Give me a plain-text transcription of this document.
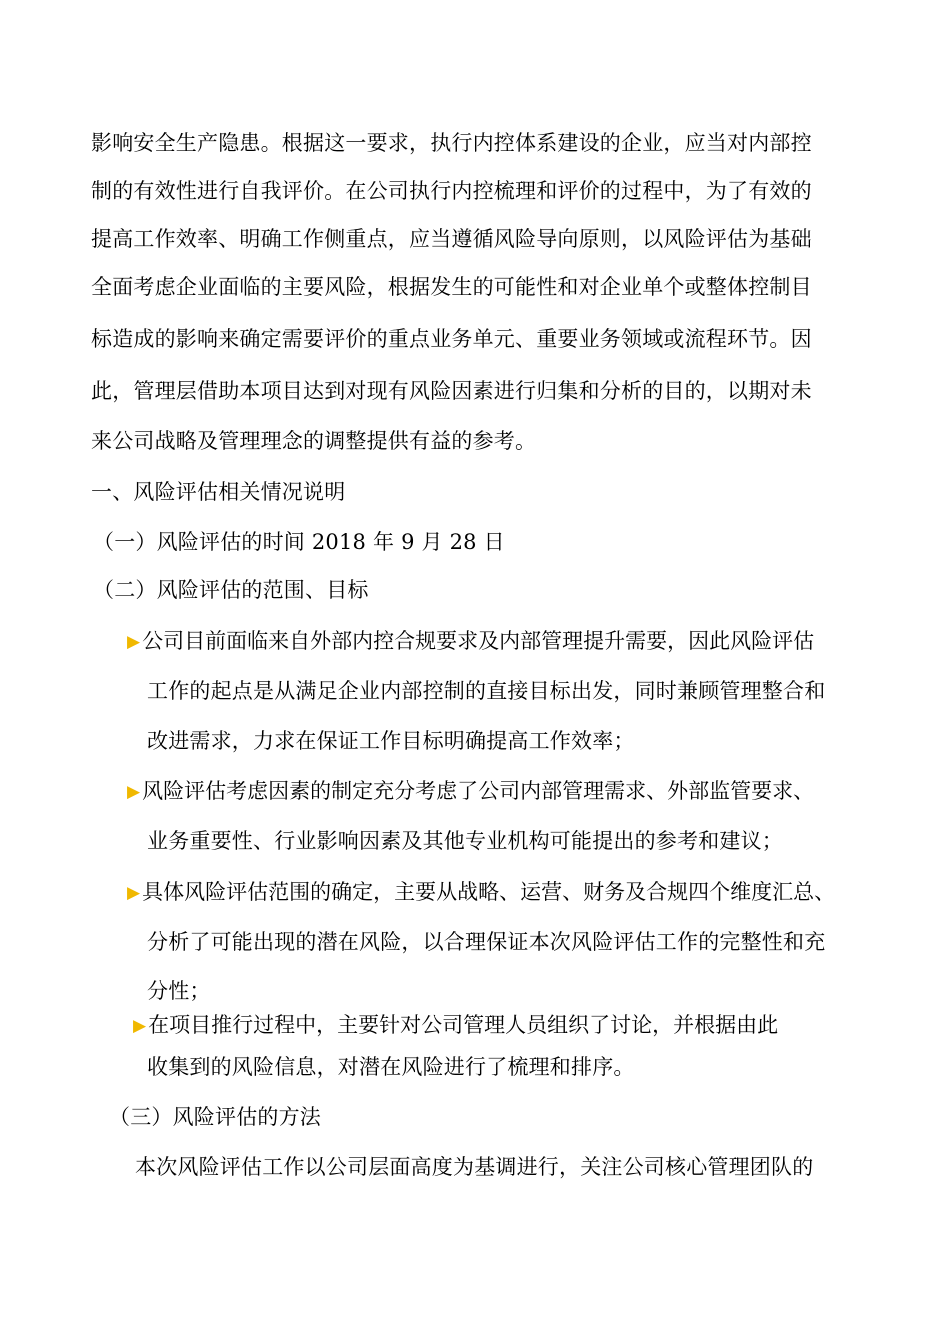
影响安全生产隐患。根据这一要求，执行内控体系建设的企业，应当对内部控
制的有效性进行自我评价。在公司执行内控梳理和评价的过程中，为了有效的
提高工作效率、明确工作侧重点，应当遵循风险导向原则，以风险评估为基础
全面考虑企业面临的主要风险，根据发生的可能性和对企业单个或整体控制目
标造成的影响来确定需要评价的重点业务单元、重要业务领域或流程环节。因
此，管理层借助本项目达到对现有风险因素进行归集和分析的目的，以期对未
来公司战略及管理理念的调整提供有益的参考。
一、风险评估相关情况说明
（一）风险评估的时间 2018 年 9 月 28 日
（二）风险评估的范围、目标
▶公司目前面临来自外部内控合规要求及内部管理提升需要，因此风险评估
工作的起点是从满足企业内部控制的直接目标出发，同时兼顾管理整合和
改进需求，力求在保证工作目标明确提高工作效率；
▶风险评估考虑因素的制定充分考虑了公司内部管理需求、外部监管要求、
业务重要性、行业影响因素及其他专业机构可能提出的参考和建议；
▶具体风险评估范围的确定，主要从战略、运营、财务及合规四个维度汇总、
分析了可能出现的潜在风险，以合理保证本次风险评估工作的完整性和充
分性；
▶在项目推行过程中，主要针对公司管理人员组织了讨论，并根据由此
收集到的风险信息，对潜在风险进行了梳理和排序。
（三）风险评估的方法
本次风险评估工作以公司层面高度为基调进行，关注公司核心管理团队的
